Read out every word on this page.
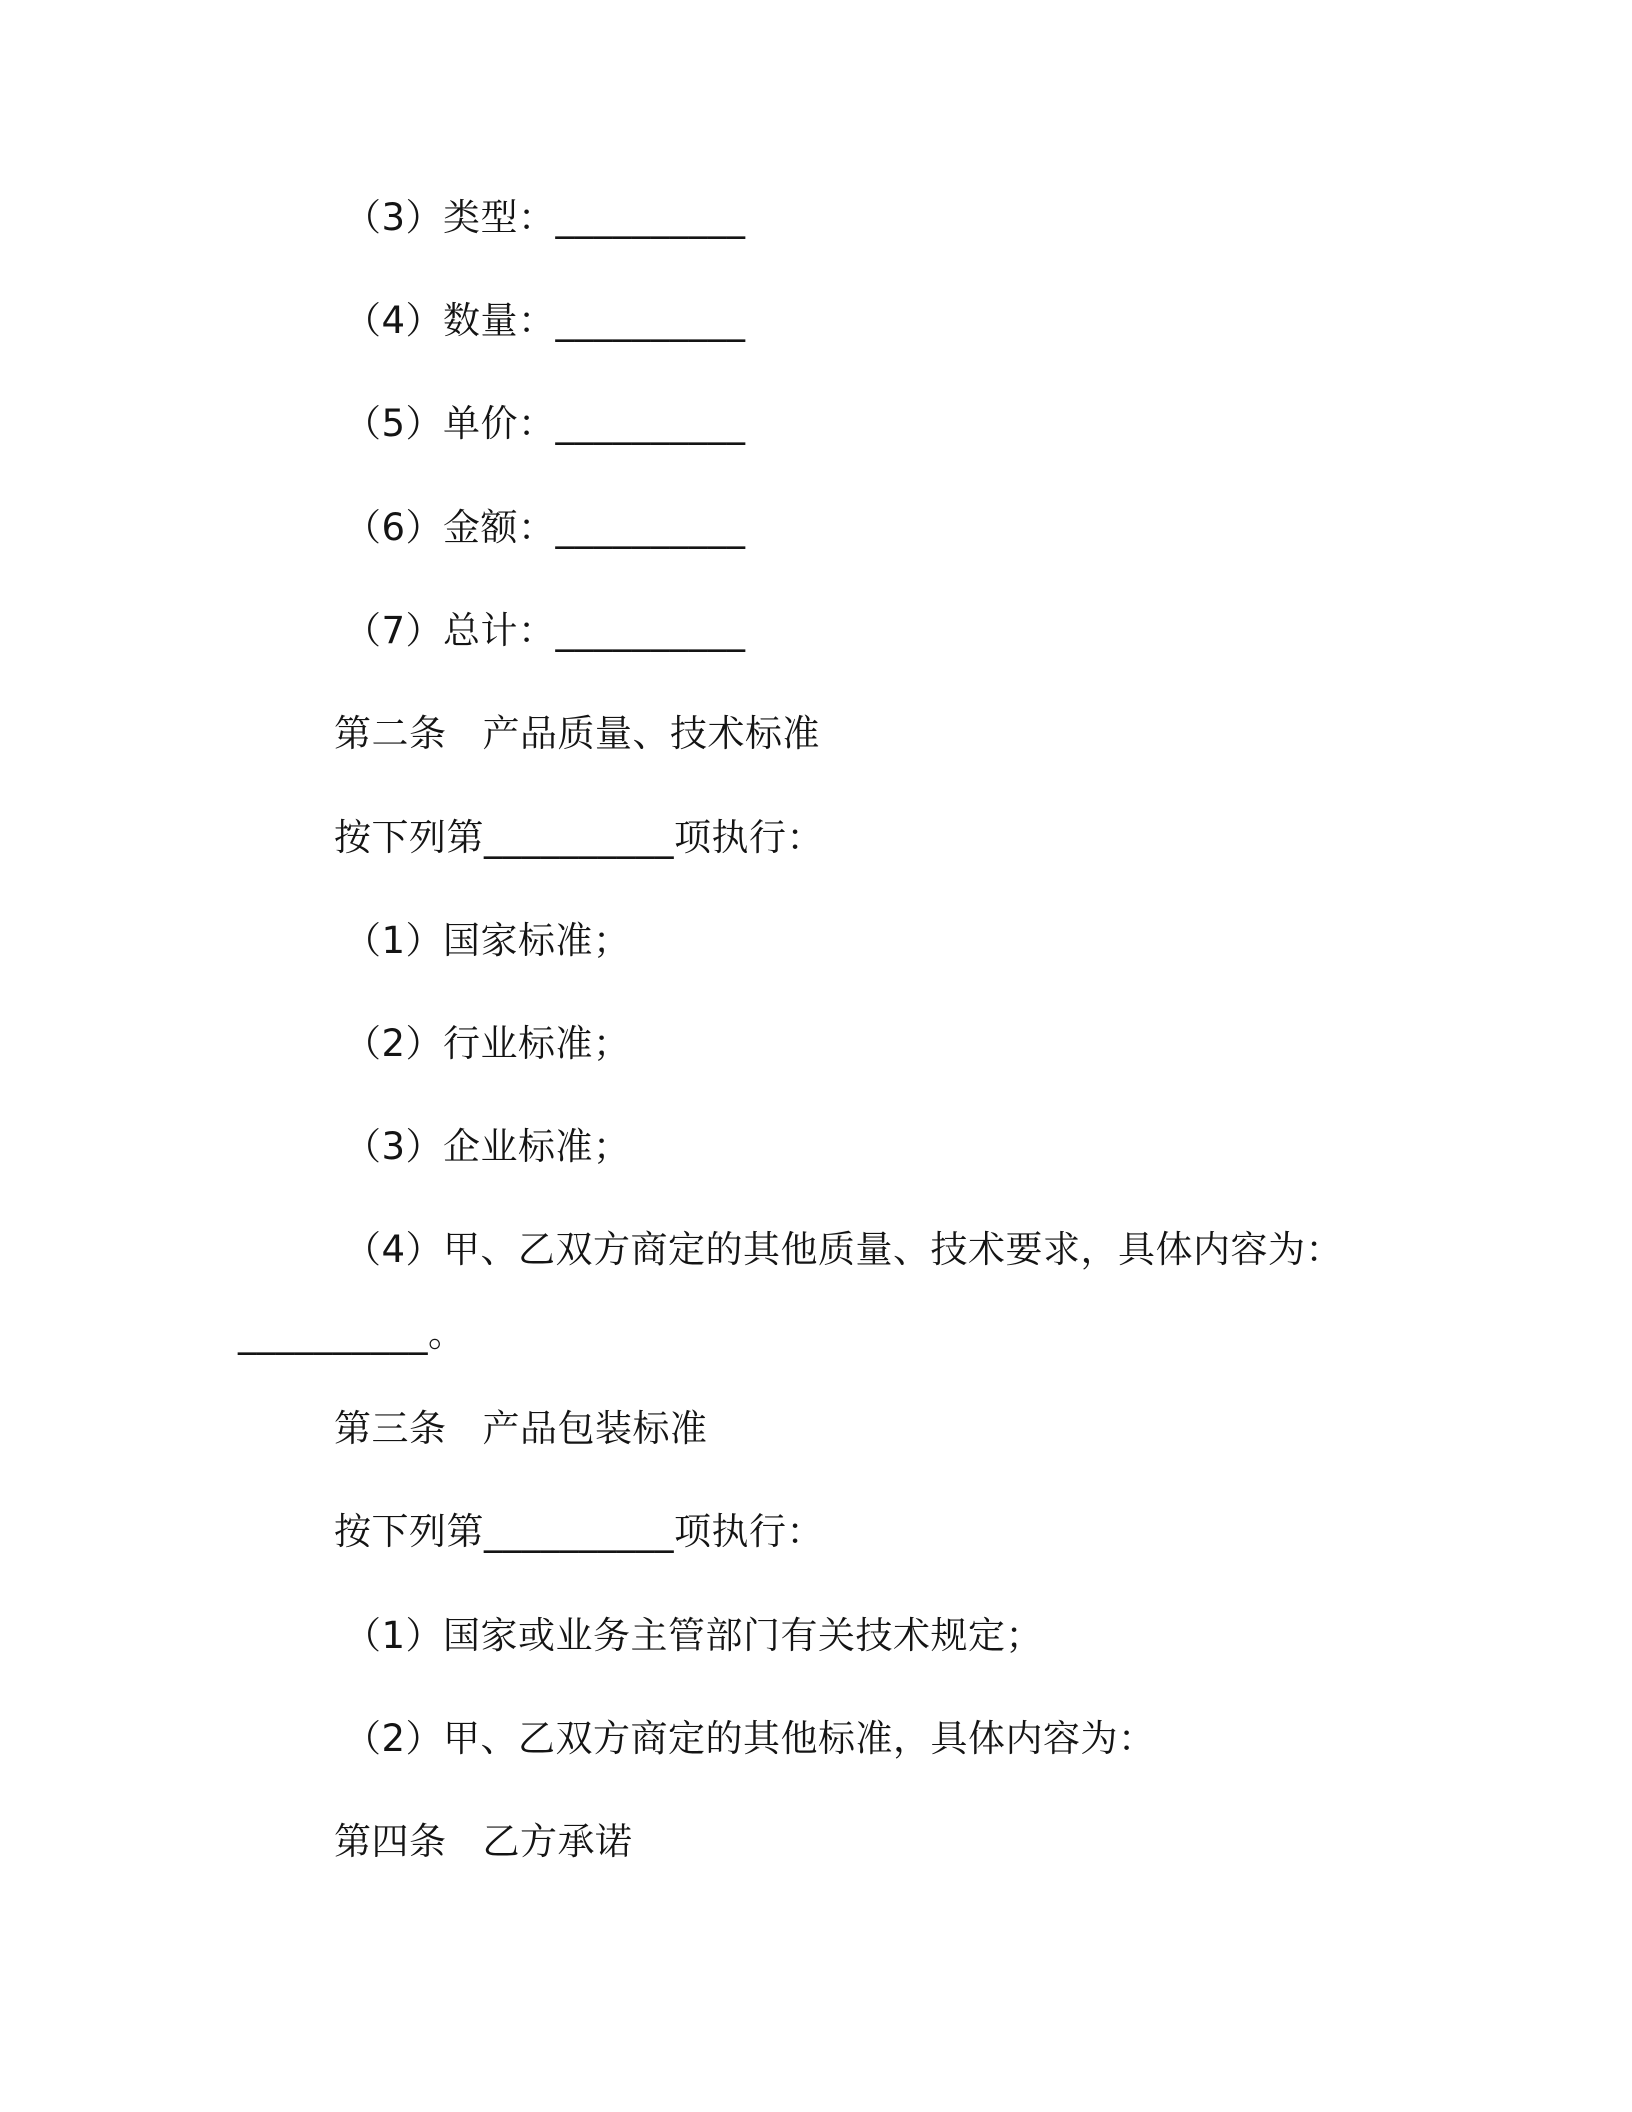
（3）类型：__________
（4）数量：__________
（5）单价：__________
（6）金额：__________
（7）总计：__________
第二条 产品质量、技术标准
按下列第__________项执行：
（1）国家标准；
（2）行业标准；
（3）企业标准；
（4）甲、乙双方商定的其他质量、技术要求，具体内容为：
__________。
第三条 产品包装标准
按下列第__________项执行：
（1）国家或业务主管部门有关技术规定；
（2）甲、乙双方商定的其他标准，具体内容为：
第四条 乙方承诺
